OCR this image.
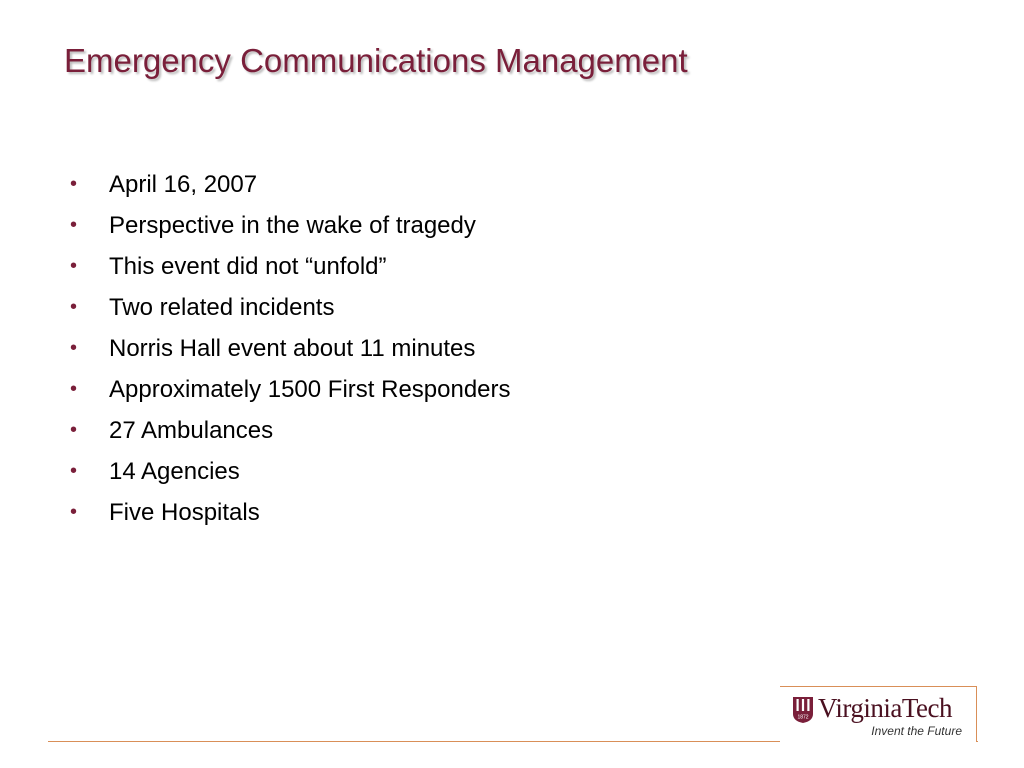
Emergency Communications Management
• April 16, 2007
• Perspective in the wake of tragedy
• This event did not “unfold”
• Two related incidents
• Norris Hall event about 11 minutes
• Approximately 1500 First Responders
• 27 Ambulances
• 14 Agencies
• Five Hospitals
1872 VirginiaTech
Invent the Future
